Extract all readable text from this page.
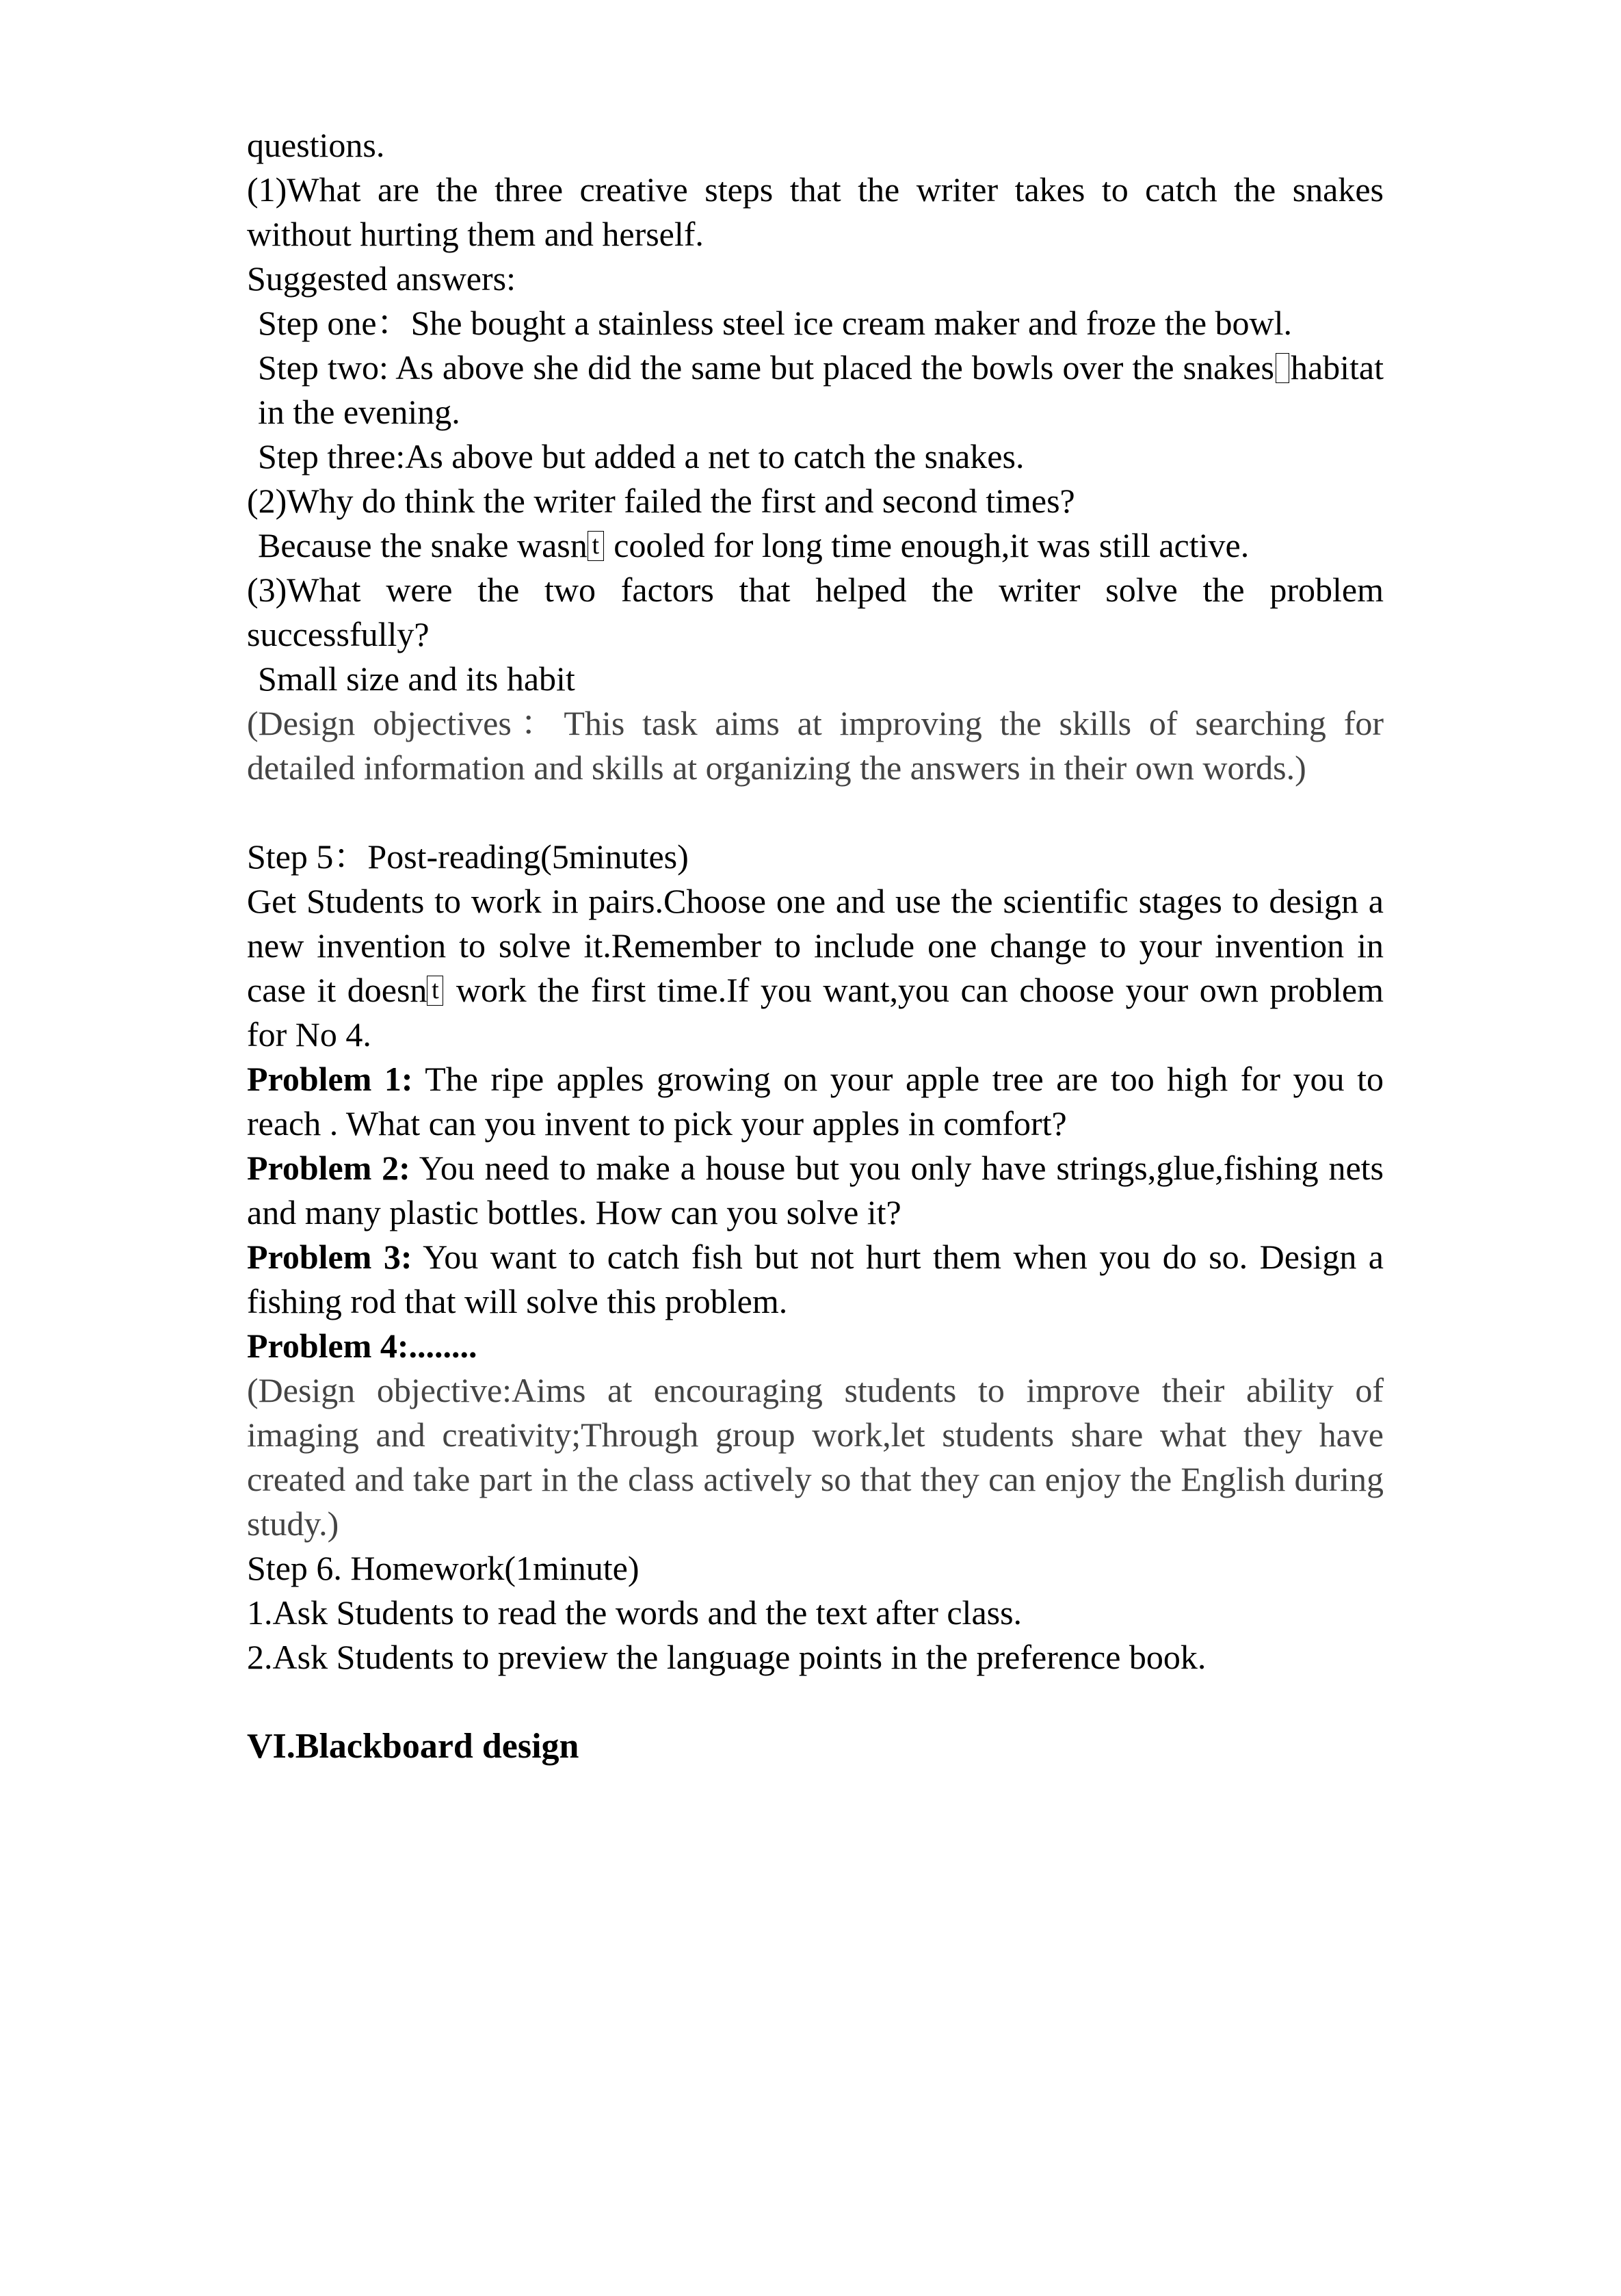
questions.

(1)What are the three creative steps that the writer takes to catch the snakes without hurting them and herself.

Suggested answers:

Step one：She bought a stainless steel ice cream maker and froze the bowl.

Step two: As above she did the same but placed the bowls over the snakes habitat in the evening.

Step three:As above but added a net to catch the snakes.

(2)Why do think the writer failed the first and second times?

Because the snake wasn t cooled for long time enough,it was still active.

(3)What were the two factors that helped the writer solve the problem successfully?

Small size and its habit

(Design objectives：This task aims at improving the skills of searching for detailed information and skills at organizing the answers in their own words.)

Step 5：Post-reading(5minutes)

Get Students to work in pairs.Choose one and use the scientific stages to design a new invention to solve it.Remember to include one change to your invention in case it doesn t work the first time.If you want,you can choose your own problem for No 4.

Problem 1: The ripe apples growing on your apple tree are too high for you to reach . What can you invent to pick your apples in comfort?

Problem 2: You need to make a house but you only have strings,glue,fishing nets and many plastic bottles. How can you solve it?

Problem 3: You want to catch fish but not hurt them when you do so. Design a fishing rod that will solve this problem.

Problem 4:........

(Design objective:Aims at encouraging students to improve their ability of imaging and creativity;Through group work,let students share what they have created and take part in the class actively so that they can enjoy the English during study.)

Step 6. Homework(1minute)

1.Ask Students to read the words and the text after class.

2.Ask Students to preview the language points in the preference book.

VI.Blackboard design
